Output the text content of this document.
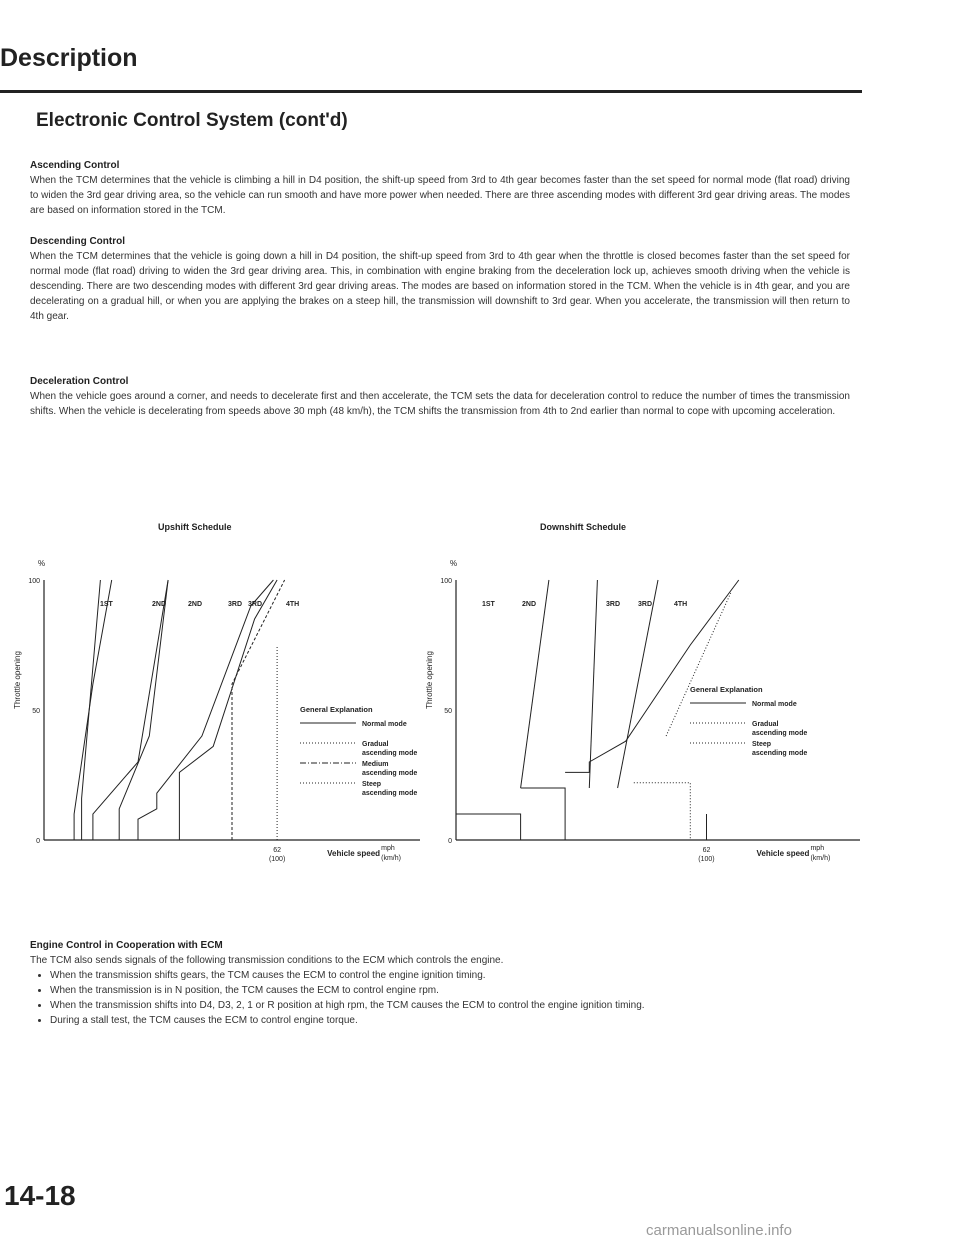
Description
Electronic Control System (cont'd)
Ascending Control

When the TCM determines that the vehicle is climbing a hill in D4 position, the shift-up speed from 3rd to 4th gear becomes faster than the set speed for normal mode (flat road) driving to widen the 3rd gear driving area, so the vehicle can run smooth and have more power when needed. There are three ascending modes with different 3rd gear driving areas. The modes are based on information stored in the TCM.

Descending Control

When the TCM determines that the vehicle is going down a hill in D4 position, the shift-up speed from 3rd to 4th gear when the throttle is closed becomes faster than the set speed for normal mode (flat road) driving to widen the 3rd gear driving area. This, in combination with engine braking from the deceleration lock up, achieves smooth driving when the vehicle is descending. There are two descending modes with different 3rd gear driving areas. The modes are based on information stored in the TCM. When the vehicle is in 4th gear, and you are decelerating on a gradual hill, or when you are applying the brakes on a steep hill, the transmission will downshift to 3rd gear. When you accelerate, the transmission will then return to 4th gear.

Deceleration Control

When the vehicle goes around a corner, and needs to decelerate first and then accelerate, the TCM sets the data for deceleration control to reduce the number of times the transmission shifts. When the vehicle is decelerating from speeds above 30 mph (48 km/h), the TCM shifts the transmission from 4th to 2nd earlier than normal to cope with upcoming acceleration.

Upshift Schedule	Downshift Schedule
%
100
50
0
Throttle opening
62
(100)
Vehicle speed
mph
(km/h)
1ST	2ND	2ND	3RD 3RD	4TH
General Explanation
Normal mode
Gradual ascending mode
Medium ascending mode
Steep ascending mode
%
100
50
0
Throttle opening
62
(100)
Vehicle speed
mph
(km/h)
1ST	2ND	3RD	3RD	4TH
General Explanation
Normal mode
Gradual ascending mode
Steep ascending mode
Engine Control in Cooperation with ECM

The TCM also sends signals of the following transmission conditions to the ECM which controls the engine.

• When the transmission shifts gears, the TCM causes the ECM to control the engine ignition timing.
• When the transmission is in N position, the TCM causes the ECM to control engine rpm.
• When the transmission shifts into D4, D3, 2, 1 or R position at high rpm, the TCM causes the ECM to control the engine ignition timing.
• During a stall test, the TCM causes the ECM to control engine torque.
14-18
carmanualsonline.info
